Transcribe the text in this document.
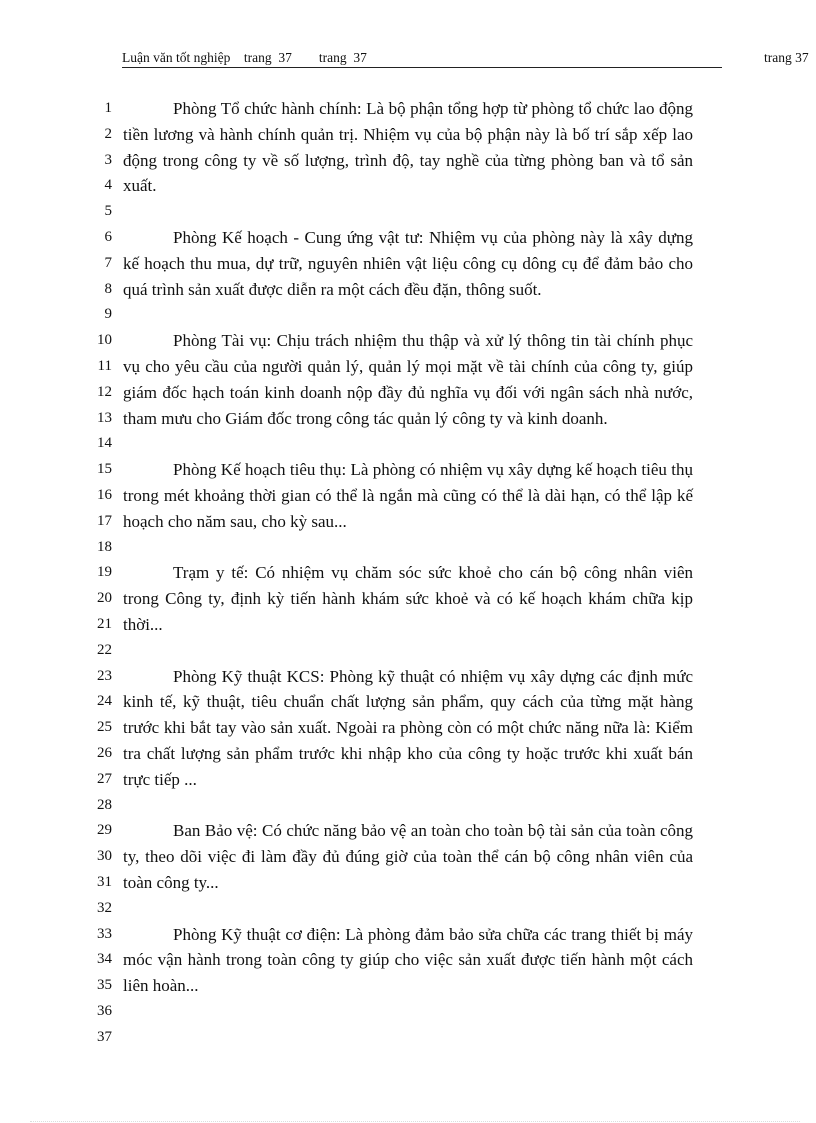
Luận văn tốt nghiệp    trang  37        trang  37	trang 37
1
2
3
4
5
6
7
8
9
10
11
12
13
14
15
16
17
18
19
20
21
22
23
24
25
26
27
28
29
30
31
32
33
34
35
36
37

Phòng Tổ chức hành chính: Là bộ phận tổng hợp từ phòng tổ chức lao động tiền lương và hành chính quản trị. Nhiệm vụ của bộ phận này là bố trí sắp xếp lao động trong công ty về số lượng, trình độ, tay nghề của từng phòng ban và tổ sản xuất.

Phòng Kế hoạch - Cung ứng vật tư: Nhiệm vụ của phòng này là xây dựng kế hoạch thu mua, dự trữ, nguyên nhiên vật liệu công cụ dông cụ để đảm bảo cho quá trình sản xuất được diễn ra một cách đều đặn, thông suốt.

Phòng Tài vụ: Chịu trách nhiệm thu thập và xử lý thông tin tài chính phục vụ cho yêu cầu của người quản lý, quản lý mọi mặt về tài chính của công ty, giúp giám đốc hạch toán kinh doanh nộp đầy đủ nghĩa vụ đối với ngân sách nhà nước, tham mưu cho Giám đốc trong công tác quản lý công ty và kinh doanh.

Phòng Kế hoạch tiêu thụ: Là phòng có nhiệm vụ xây dựng kế hoạch tiêu thụ trong mét khoảng thời gian có thể là ngắn mà cũng có thể là dài hạn, có thể lập kế hoạch cho năm sau, cho kỳ sau...

Trạm y tế: Có nhiệm vụ chăm sóc sức khoẻ cho cán bộ công nhân viên trong Công ty, định kỳ tiến hành khám sức khoẻ và có kế hoạch khám chữa kịp thời...

Phòng Kỹ thuật KCS: Phòng kỹ thuật có nhiệm vụ xây dựng các định mức kinh tế, kỹ thuật, tiêu chuẩn chất lượng sản phẩm, quy cách của từng mặt hàng trước khi bắt tay vào sản xuất. Ngoài ra phòng còn có một chức năng nữa là: Kiểm tra chất lượng sản phẩm trước khi nhập kho của công ty hoặc trước khi xuất bán trực tiếp ...

Ban Bảo vệ: Có chức năng bảo vệ an toàn cho toàn bộ tài sản của toàn công ty, theo dõi việc đi làm đầy đủ đúng giờ của toàn thể cán bộ công nhân viên của toàn công ty...

Phòng Kỹ thuật cơ điện: Là phòng đảm bảo sửa chữa các trang thiết bị máy móc vận hành trong toàn công ty giúp cho việc sản xuất được tiến hành một cách liên hoàn...
